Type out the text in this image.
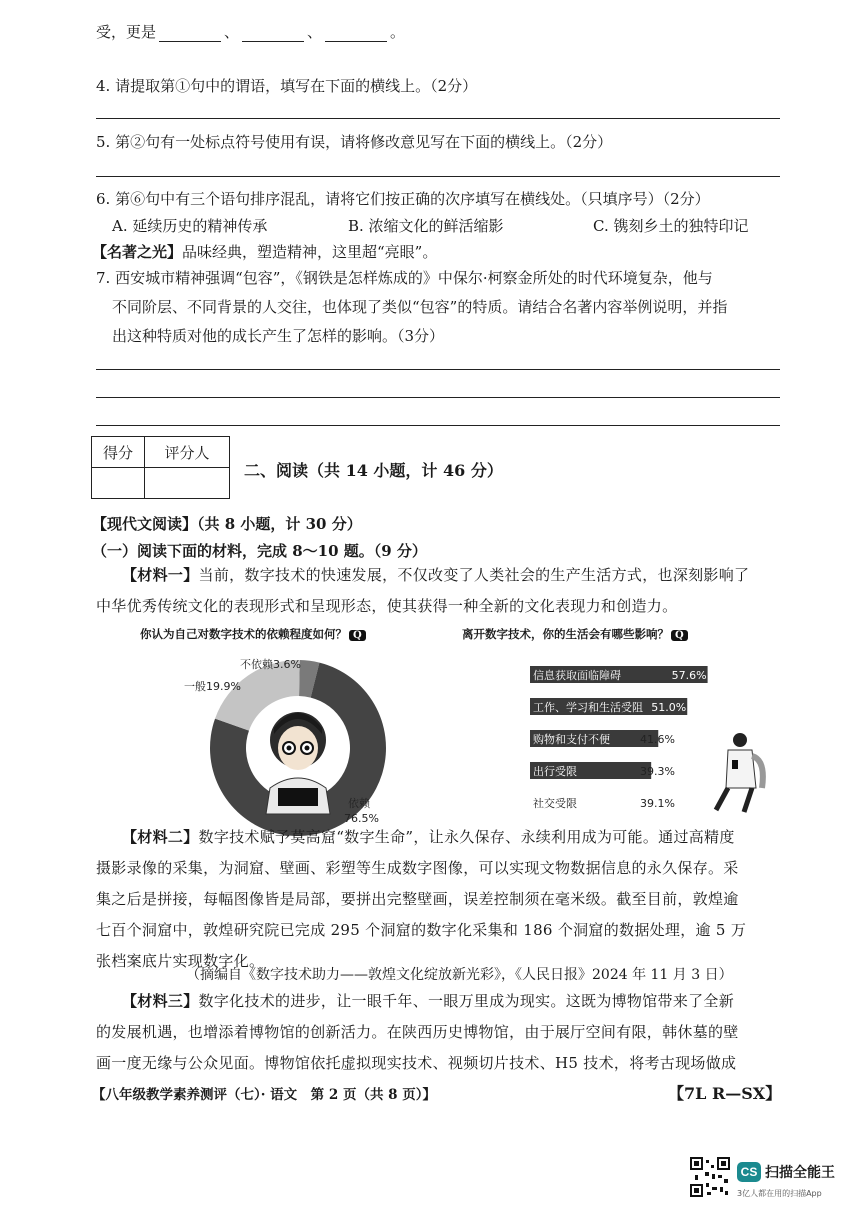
受，更是	、	、	。
4. 请提取第①句中的谓语，填写在下面的横线上。（2分）
5. 第②句有一处标点符号使用有误，请将修改意见写在下面的横线上。（2分）
6. 第⑥句中有三个语句排序混乱，请将它们按正确的次序填写在横线处。（只填序号）（2分）
A. 延续历史的精神传承	B. 浓缩文化的鲜活缩影	C. 镌刻乡土的独特印记
【名著之光】品味经典，塑造精神，这里超“亮眼”。
7. 西安城市精神强调“包容”，《钢铁是怎样炼成的》中保尔·柯察金所处的时代环境复杂，他与
不同阶层、不同背景的人交往，也体现了类似“包容”的特质。请结合名著内容举例说明，并指
出这种特质对他的成长产生了怎样的影响。（3分）
得分	评分人

二、阅读（共 14 小题，计 46 分）
【现代文阅读】（共 8 小题，计 30 分）
（一）阅读下面的材料，完成 8～10 题。（9 分）
【材料一】当前，数字技术的快速发展，不仅改变了人类社会的生产生活方式，也深刻影响了
中华优秀传统文化的表现形式和呈现形态，使其获得一种全新的文化表现力和创造力。
你认为自己对数字技术的依赖程度如何？ Q
不依赖3.6%
一般19.9%
依赖
76.5%
离开数字技术，你的生活会有哪些影响？ Q
信息获取面临障碍	57.6%
工作、学习和生活受阻 51.0%
购物和支付不便	41.6%
出行受限	39.3%
社交受限	39.1%
【材料二】数字技术赋予莫高窟“数字生命”，让永久保存、永续利用成为可能。通过高精度
摄影录像的采集，为洞窟、壁画、彩塑等生成数字图像，可以实现文物数据信息的永久保存。采
集之后是拼接，每幅图像皆是局部，要拼出完整壁画，误差控制须在毫米级。截至目前，敦煌逾
七百个洞窟中，敦煌研究院已完成 295 个洞窟的数字化采集和 186 个洞窟的数据处理，逾 5 万
张档案底片实现数字化。
（摘编自《数字技术助力——敦煌文化绽放新光彩》，《人民日报》2024 年 11 月 3 日）
【材料三】数字化技术的进步，让一眼千年、一眼万里成为现实。这既为博物馆带来了全新
的发展机遇，也增添着博物馆的创新活力。在陕西历史博物馆，由于展厅空间有限，韩休墓的壁
画一度无缘与公众见面。博物馆依托虚拟现实技术、视频切片技术、H5 技术，将考古现场做成
【八年级教学素养测评（七）· 语文　第 2 页（共 8 页）】	【7L R—SX】
CS 扫描全能王
3亿人都在用的扫描App
